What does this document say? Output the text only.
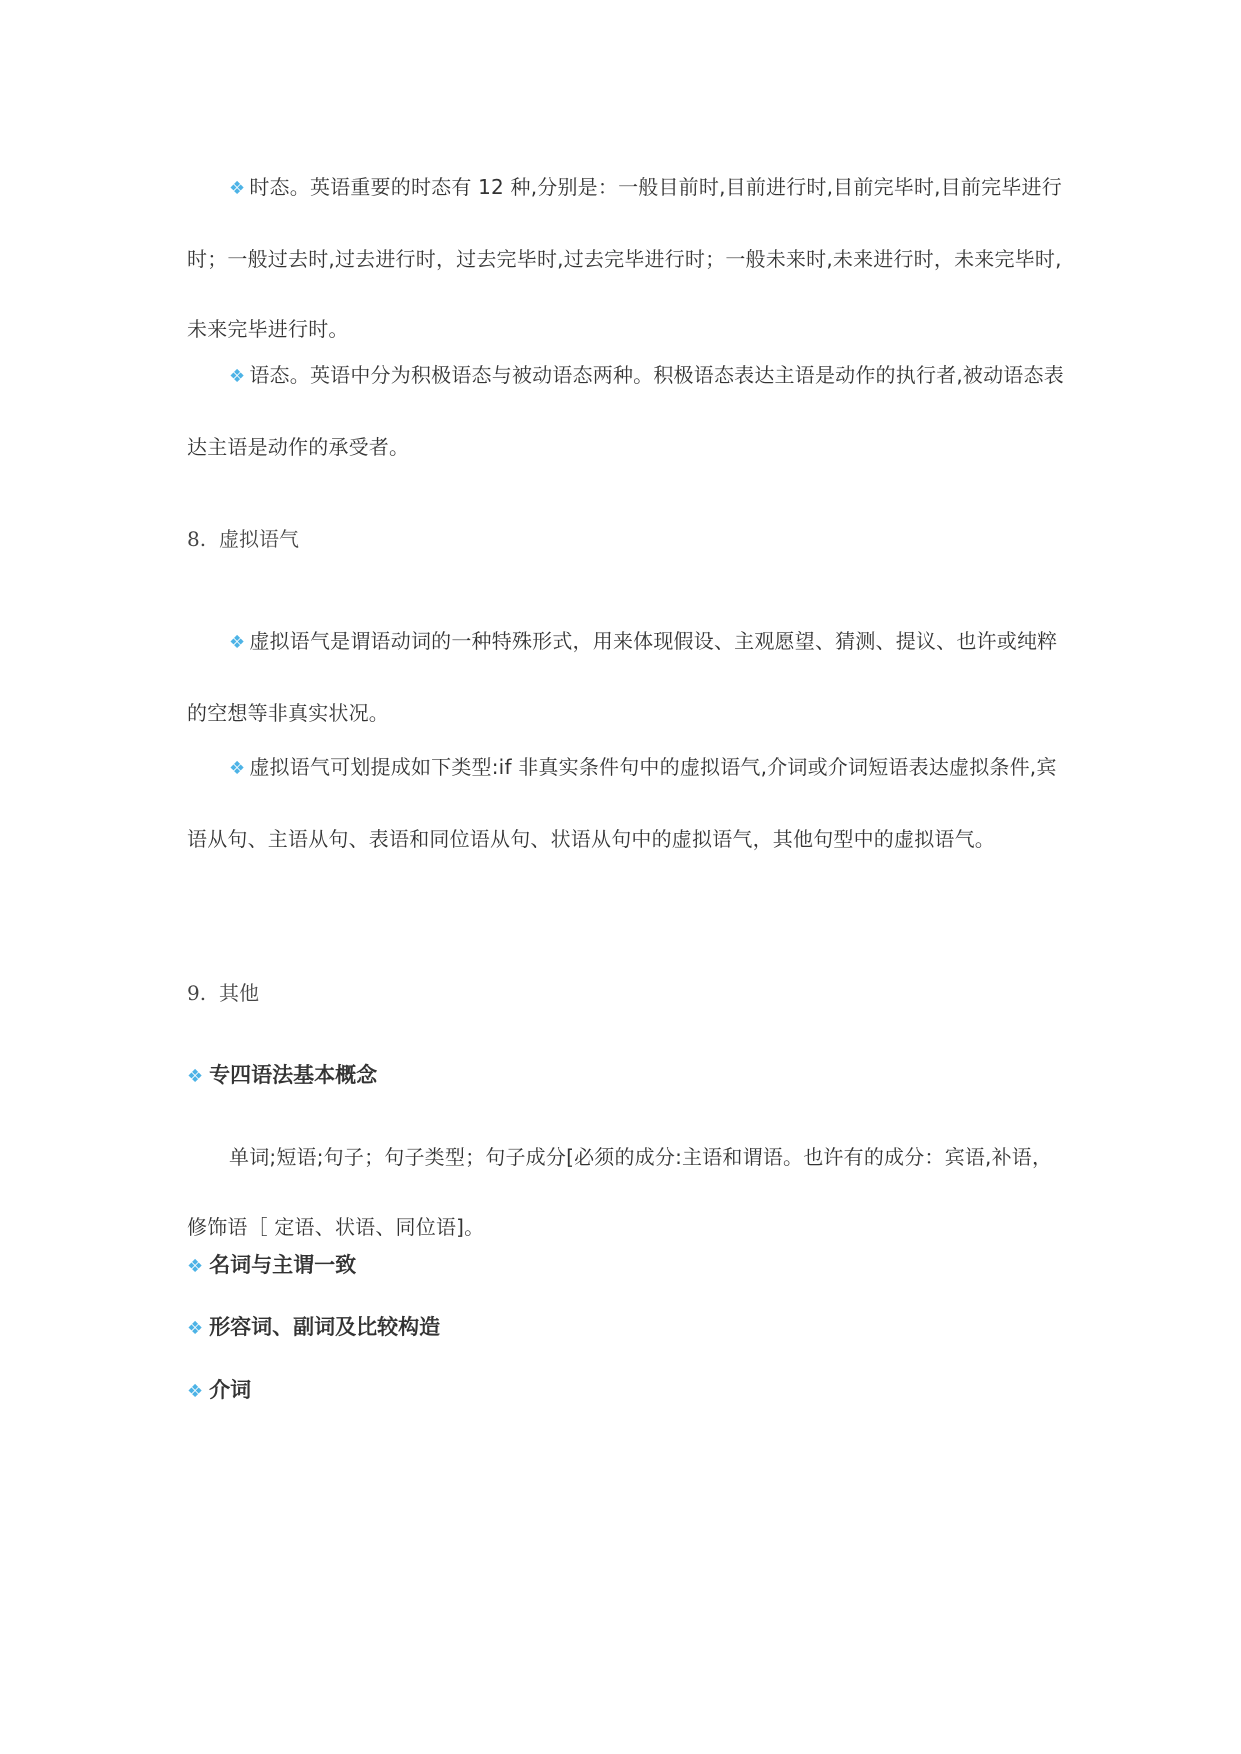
❖ 时态。英语重要的时态有 12 种,分别是：一般目前时,目前进行时,目前完毕时,目前完毕进行时；一般过去时,过去进行时，过去完毕时,过去完毕进行时；一般未来时,未来进行时，未来完毕时,未来完毕进行时。
❖ 语态。英语中分为积极语态与被动语态两种。积极语态表达主语是动作的执行者,被动语态表达主语是动作的承受者。
8. 虚拟语气
❖ 虚拟语气是谓语动词的一种特殊形式，用来体现假设、主观愿望、猜测、提议、也许或纯粹的空想等非真实状况。
❖ 虚拟语气可划提成如下类型:if 非真实条件句中的虚拟语气,介词或介词短语表达虚拟条件,宾语从句、主语从句、表语和同位语从句、状语从句中的虚拟语气，其他句型中的虚拟语气。
9. 其他
❖ 专四语法基本概念
单词;短语;句子；句子类型；句子成分[必须的成分:主语和谓语。也许有的成分：宾语,补语，修饰语［ 定语、状语、同位语]。
❖ 名词与主谓一致
❖ 形容词、副词及比较构造
❖ 介词
